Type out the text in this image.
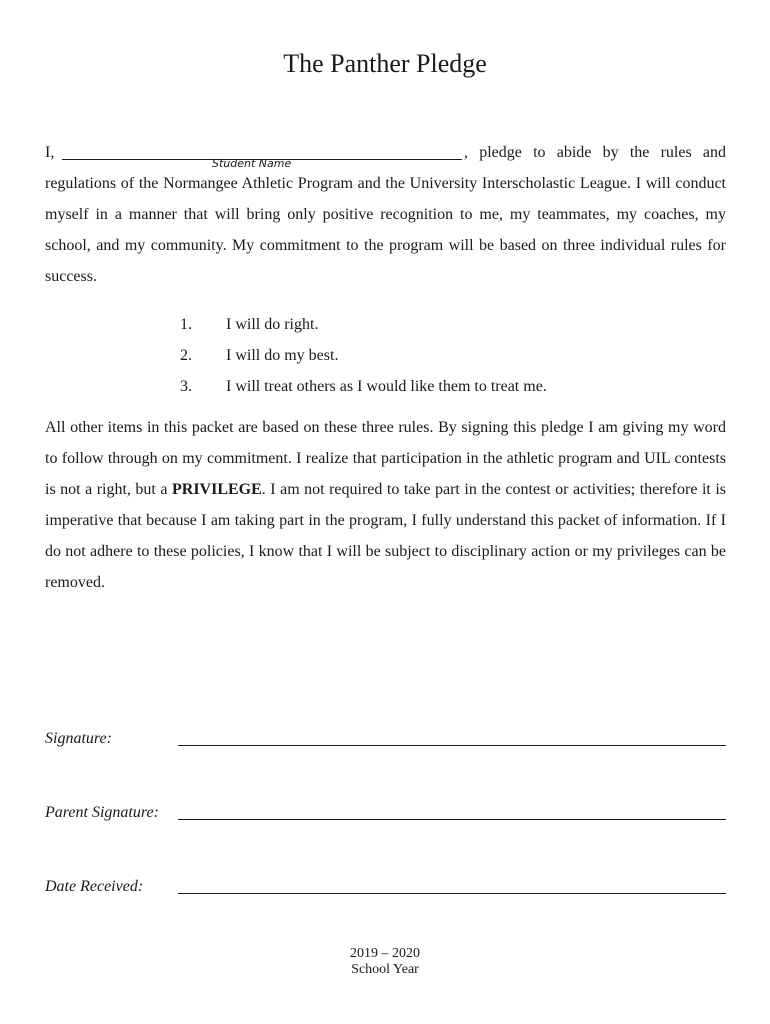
The Panther Pledge
I,
Student Name
, pledge to abide by the rules and
regulations of the Normangee Athletic Program and the University Interscholastic League. I will conduct myself in a manner that will bring only positive recognition to me, my teammates, my coaches, my school, and my community. My commitment to the program will be based on three individual rules for success.
1. I will do right.
2. I will do my best.
3. I will treat others as I would like them to treat me.
All other items in this packet are based on these three rules. By signing this pledge I am giving my word to follow through on my commitment. I realize that participation in the athletic program and UIL contests is not a right, but a PRIVILEGE. I am not required to take part in the contest or activities; therefore it is imperative that because I am taking part in the program, I fully understand this packet of information. If I do not adhere to these policies, I know that I will be subject to disciplinary action or my privileges can be removed.
Signature:
Parent Signature:
Date Received:
2019 – 2020
School Year
